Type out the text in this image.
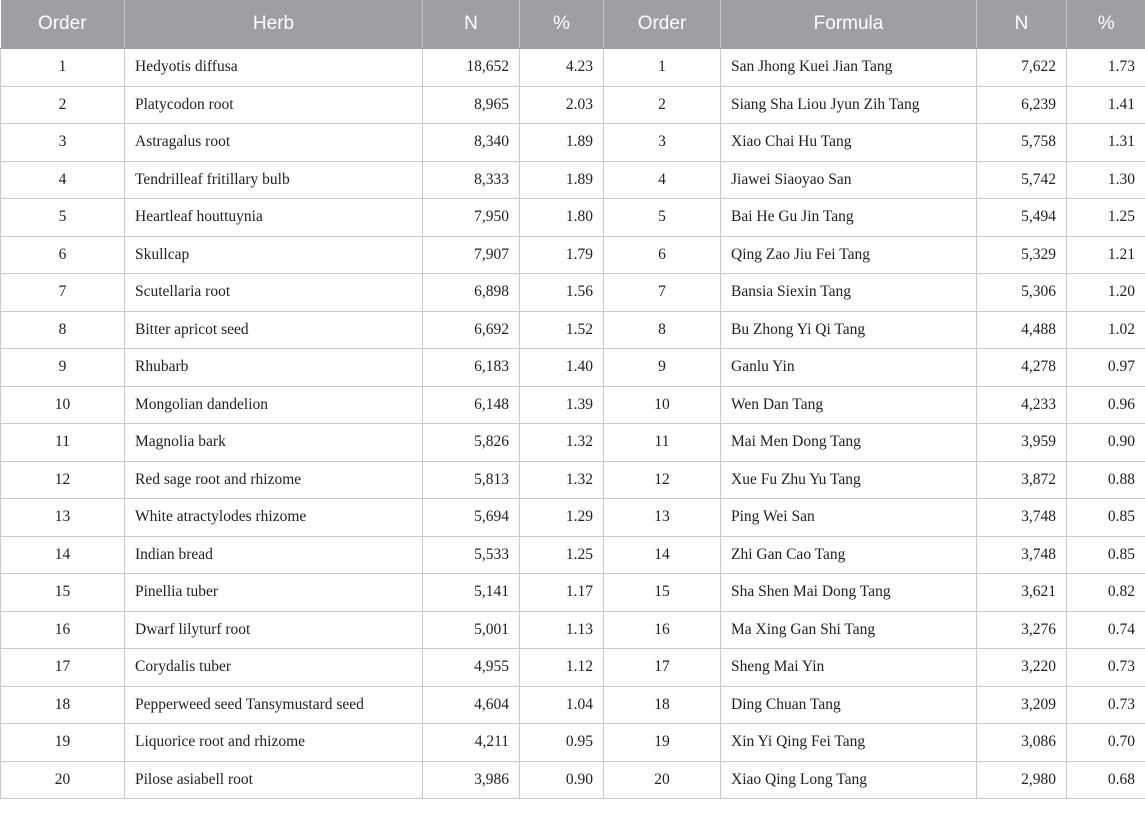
Order	Herb	N	%	Order	Formula	N	%
1	Hedyotis diffusa	18,652	4.23	1	San Jhong Kuei Jian Tang	7,622	1.73
2	Platycodon root	8,965	2.03	2	Siang Sha Liou Jyun Zih Tang	6,239	1.41
3	Astragalus root	8,340	1.89	3	Xiao Chai Hu Tang	5,758	1.31
4	Tendrilleaf fritillary bulb	8,333	1.89	4	Jiawei Siaoyao San	5,742	1.30
5	Heartleaf houttuynia	7,950	1.80	5	Bai He Gu Jin Tang	5,494	1.25
6	Skullcap	7,907	1.79	6	Qing Zao Jiu Fei Tang	5,329	1.21
7	Scutellaria root	6,898	1.56	7	Bansia Siexin Tang	5,306	1.20
8	Bitter apricot seed	6,692	1.52	8	Bu Zhong Yi Qi Tang	4,488	1.02
9	Rhubarb	6,183	1.40	9	Ganlu Yin	4,278	0.97
10	Mongolian dandelion	6,148	1.39	10	Wen Dan Tang	4,233	0.96
11	Magnolia bark	5,826	1.32	11	Mai Men Dong Tang	3,959	0.90
12	Red sage root and rhizome	5,813	1.32	12	Xue Fu Zhu Yu Tang	3,872	0.88
13	White atractylodes rhizome	5,694	1.29	13	Ping Wei San	3,748	0.85
14	Indian bread	5,533	1.25	14	Zhi Gan Cao Tang	3,748	0.85
15	Pinellia tuber	5,141	1.17	15	Sha Shen Mai Dong Tang	3,621	0.82
16	Dwarf lilyturf root	5,001	1.13	16	Ma Xing Gan Shi Tang	3,276	0.74
17	Corydalis tuber	4,955	1.12	17	Sheng Mai Yin	3,220	0.73
18	Pepperweed seed Tansymustard seed	4,604	1.04	18	Ding Chuan Tang	3,209	0.73
19	Liquorice root and rhizome	4,211	0.95	19	Xin Yi Qing Fei Tang	3,086	0.70
20	Pilose asiabell root	3,986	0.90	20	Xiao Qing Long Tang	2,980	0.68
